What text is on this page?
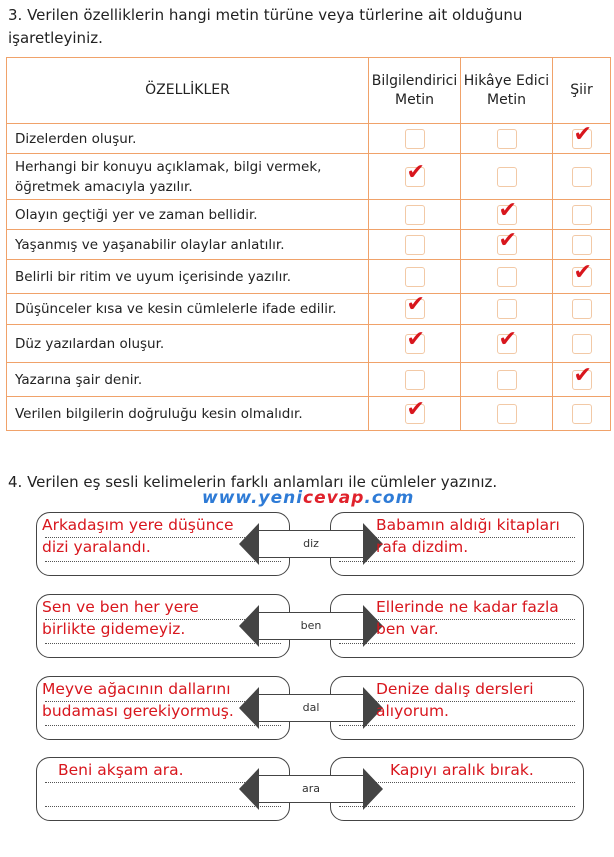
3. Verilen özelliklerin hangi metin türüne veya türlerine ait olduğunu işaretleyiniz.
ÖZELLİKLER	Bilgilendirici Metin	Hikâye Edici Metin	Şiir
Dizelerden oluşur.			✔

Herhangi bir konuyu açıklamak, bilgi vermek, öğretmek amacıyla yazılır.	✔		

Olayın geçtiği yer ve zaman bellidir.		✔	

Yaşanmış ve yaşanabilir olaylar anlatılır.		✔	

Belirli bir ritim ve uyum içerisinde yazılır.			✔

Düşünceler kısa ve kesin cümlelerle ifade edilir.	✔		

Düz yazılardan oluşur.	✔	✔	

Yazarına şair denir.			✔

Verilen bilgilerin doğruluğu kesin olmalıdır.	✔		

4. Verilen eş sesli kelimelerin farklı anlamları ile cümleler yazınız.
www.yenicevap.com
diz
Arkadaşım yere düşünce
dizi yaralandı.
Babamın aldığı kitapları
rafa dizdim.
ben
Sen ve ben her yere
birlikte gidemeyiz.
Ellerinde ne kadar fazla
ben var.
dal
Meyve ağacının dallarını
budaması gerekiyormuş.
Denize dalış dersleri
alıyorum.
ara
Beni akşam ara.	Kapıyı aralık bırak.
